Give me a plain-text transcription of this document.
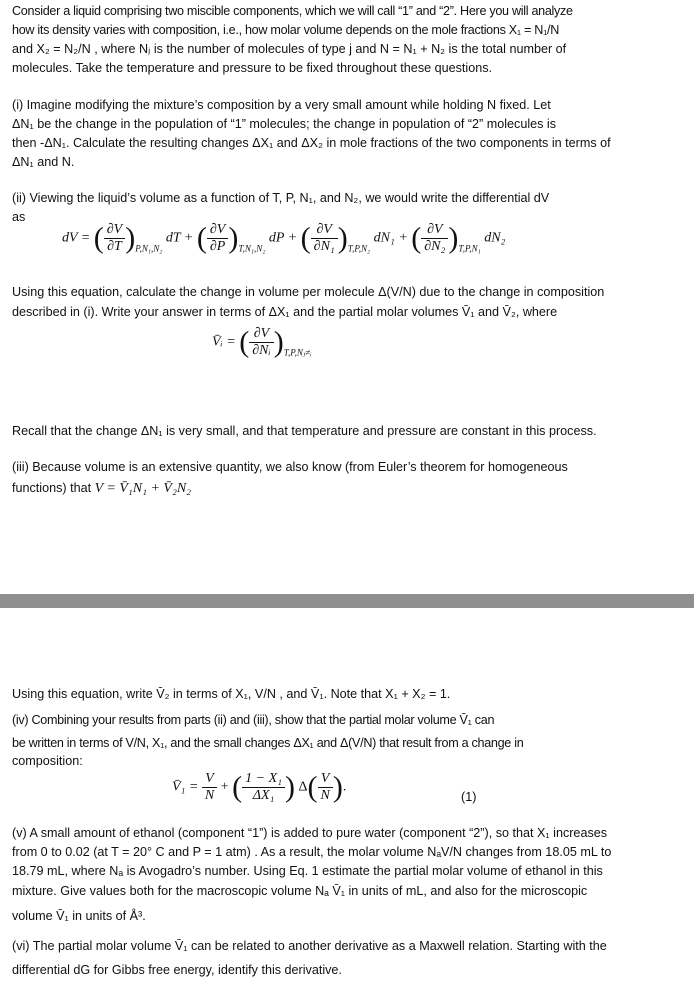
Consider a liquid comprising two miscible components, which we will call “1” and “2”. Here you will analyze
how its density varies with composition, i.e., how molar volume depends on the mole fractions X₁ = N₁/N
and X₂ = N₂/N , where Nⱼ is the number of molecules of type j and N = N₁ + N₂ is the total number of
molecules. Take the temperature and pressure to be fixed throughout these questions.
(i) Imagine modifying the mixture’s composition by a very small amount while holding N fixed. Let
ΔN₁ be the change in the population of “1” molecules; the change in population of “2” molecules is
then -ΔN₁. Calculate the resulting changes ΔX₁ and ΔX₂ in mole fractions of the two components in terms of
ΔN₁ and N.
(ii) Viewing the liquid’s volume as a function of T, P, N₁, and N₂, we would write the differential dV
as
dV = ( $\frac{\partial V}{\partial T} )_{P,N_1,N_2}$ dT + ( $\frac{\partial V}{\partial P} )_{T,N_1,N_2}$ dP + ( $\frac{\partial V}{\text{∂N₁}} )_{T,P,N_2}$ dN₁ + ( $\frac{\partial V}{\text{∂N₂}} )_{T,P,N_1}$ dN₂
Using this equation, calculate the change in volume per molecule Δ(V/N) due to the change in composition
described in (i). Write your answer in terms of ΔX₁ and the partial molar volumes V̄₁ and V̄₂, where
V̄ᵢ = ( $\frac{\partial V}{\text{∂Nᵢ}} )_{T,P,Nⱼ\ne ᵢ}$
Recall that the change ΔN₁ is very small, and that temperature and pressure are constant in this process.
(iii) Because volume is an extensive quantity, we also know (from Euler’s theorem for homogeneous
functions) that V = V̄₁N₁ + V̄₂N₂
Using this equation, write V̄₂ in terms of X₁, V/N , and V̄₁. Note that X₁ + X₂ = 1.
(iv) Combining your results from parts (ii) and (iii), show that the partial molar volume V̄₁ can
be written in terms of V/N, X₁, and the small changes ΔX₁ and Δ(V/N) that result from a change in
composition:
V̄₁ = $\frac{V}{N}$ + ( $\frac{\text{1 − X₁}}{\text{ΔX₁}}$ ) $\Delta( \frac{V}{N}$ ).
(1)
(v) A small amount of ethanol (component “1”) is added to pure water (component “2”), so that X₁ increases
from 0 to 0.02 (at T = 20° C and P = 1 atm) . As a result, the molar volume NₐV/N changes from 18.05 mL to
18.79 mL, where Nₐ is Avogadro’s number. Using Eq. 1 estimate the partial molar volume of ethanol in this
mixture. Give values both for the macroscopic volume Nₐ V̄₁ in units of mL, and also for the microscopic
volume V̄₁ in units of Å³.
(vi) The partial molar volume V̄₁ can be related to another derivative as a Maxwell relation. Starting with the
differential dG for Gibbs free energy, identify this derivative.
